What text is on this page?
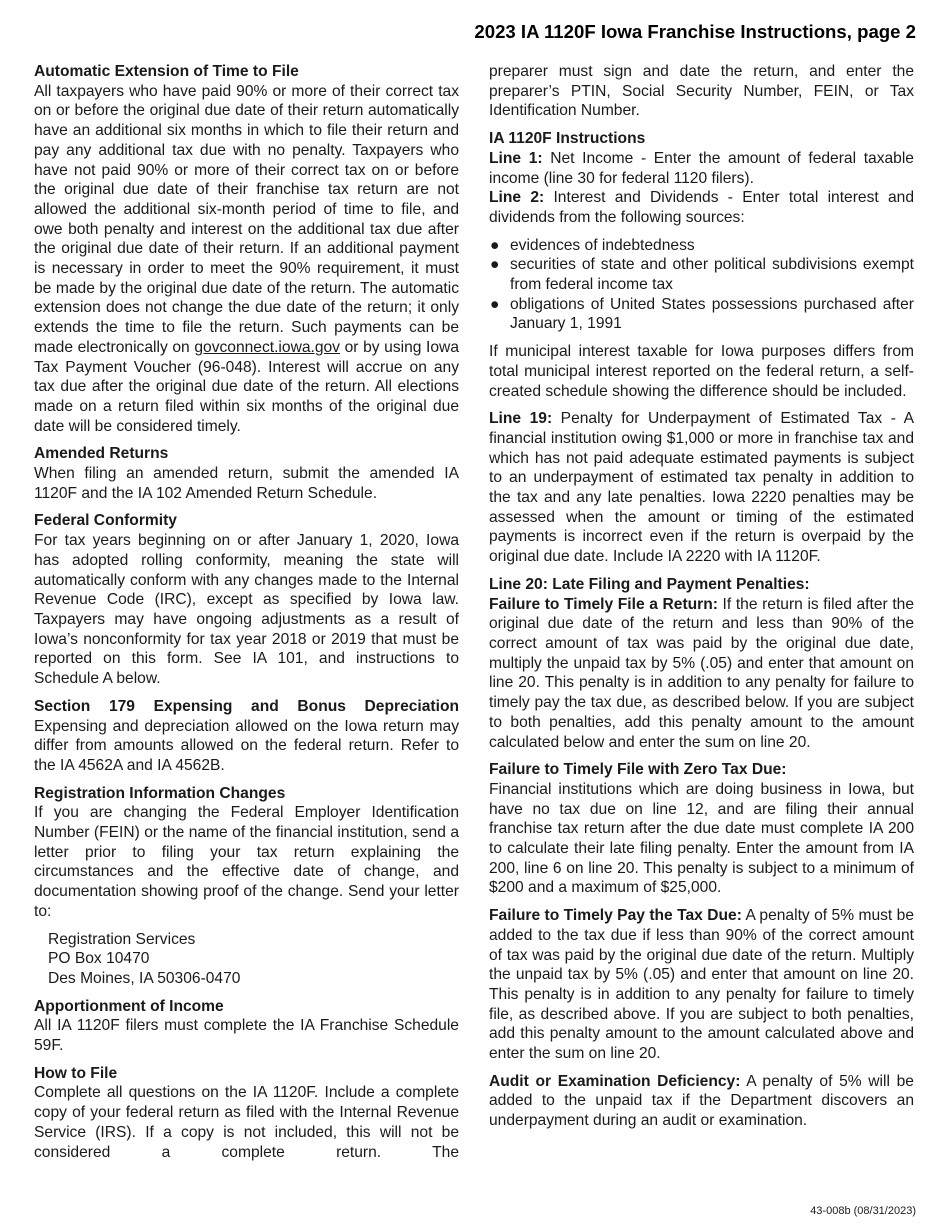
2023 IA 1120F Iowa Franchise Instructions, page 2
Automatic Extension of Time to File

All taxpayers who have paid 90% or more of their correct tax on or before the original due date of their return automatically have an additional six months in which to file their return and pay any additional tax due with no penalty. Taxpayers who have not paid 90% or more of their correct tax on or before the original due date of their franchise tax return are not allowed the additional six-month period of time to file, and owe both penalty and interest on the additional tax due after the original due date of their return. If an additional payment is necessary in order to meet the 90% requirement, it must be made by the original due date of the return. The automatic extension does not change the due date of the return; it only extends the time to file the return. Such payments can be made electronically on govconnect.iowa.gov or by using Iowa Tax Payment Voucher (96-048). Interest will accrue on any tax due after the original due date of the return. All elections made on a return filed within six months of the original due date will be considered timely.

Amended Returns

When filing an amended return, submit the amended IA 1120F and the IA 102 Amended Return Schedule.

Federal Conformity

For tax years beginning on or after January 1, 2020, Iowa has adopted rolling conformity, meaning the state will automatically conform with any changes made to the Internal Revenue Code (IRC), except as specified by Iowa law. Taxpayers may have ongoing adjustments as a result of Iowa’s nonconformity for tax year 2018 or 2019 that must be reported on this form. See IA 101, and instructions to Schedule A below.

Section 179 Expensing and Bonus Depreciation

Expensing and depreciation allowed on the Iowa return may differ from amounts allowed on the federal return. Refer to the IA 4562A and IA 4562B.

Registration Information Changes

If you are changing the Federal Employer Identification Number (FEIN) or the name of the financial institution, send a letter prior to filing your tax return explaining the circumstances and the effective date of change, and documentation showing proof of the change. Send your letter to:

Registration Services
PO Box 10470
Des Moines, IA 50306-0470
Apportionment of Income

All IA 1120F filers must complete the IA Franchise Schedule 59F.

How to File

Complete all questions on the IA 1120F. Include a complete copy of your federal return as filed with the Internal Revenue Service (IRS). If a copy is not included, this will not be considered a complete return. The

preparer must sign and date the return, and enter the preparer’s PTIN, Social Security Number, FEIN, or Tax Identification Number.

IA 1120F Instructions

Line 1: Net Income - Enter the amount of federal taxable income (line 30 for federal 1120 filers).

Line 2: Interest and Dividends - Enter total interest and dividends from the following sources:

● evidences of indebtedness
● securities of state and other political subdivisions exempt from federal income tax
● obligations of United States possessions purchased after January 1, 1991

If municipal interest taxable for Iowa purposes differs from total municipal interest reported on the federal return, a self-created schedule showing the difference should be included.

Line 19: Penalty for Underpayment of Estimated Tax - A financial institution owing $1,000 or more in franchise tax and which has not paid adequate estimated payments is subject to an underpayment of estimated tax penalty in addition to the tax and any late penalties. Iowa 2220 penalties may be assessed when the amount or timing of the estimated payments is incorrect even if the return is overpaid by the original due date. Include IA 2220 with IA 1120F.

Line 20: Late Filing and Payment Penalties:

Failure to Timely File a Return: If the return is filed after the original due date of the return and less than 90% of the correct amount of tax was paid by the original due date, multiply the unpaid tax by 5% (.05) and enter that amount on line 20. This penalty is in addition to any penalty for failure to timely pay the tax due, as described below. If you are subject to both penalties, add this penalty amount to the amount calculated below and enter the sum on line 20.

Failure to Timely File with Zero Tax Due:

Financial institutions which are doing business in Iowa, but have no tax due on line 12, and are filing their annual franchise tax return after the due date must complete IA 200 to calculate their late filing penalty. Enter the amount from IA 200, line 6 on line 20. This penalty is subject to a minimum of $200 and a maximum of $25,000.

Failure to Timely Pay the Tax Due: A penalty of 5% must be added to the tax due if less than 90% of the correct amount of tax was paid by the original due date of the return. Multiply the unpaid tax by 5% (.05) and enter that amount on line 20. This penalty is in addition to any penalty for failure to timely file, as described above. If you are subject to both penalties, add this penalty amount to the amount calculated above and enter the sum on line 20.

Audit or Examination Deficiency: A penalty of 5% will be added to the unpaid tax if the Department discovers an underpayment during an audit or examination.

43-008b (08/31/2023)
